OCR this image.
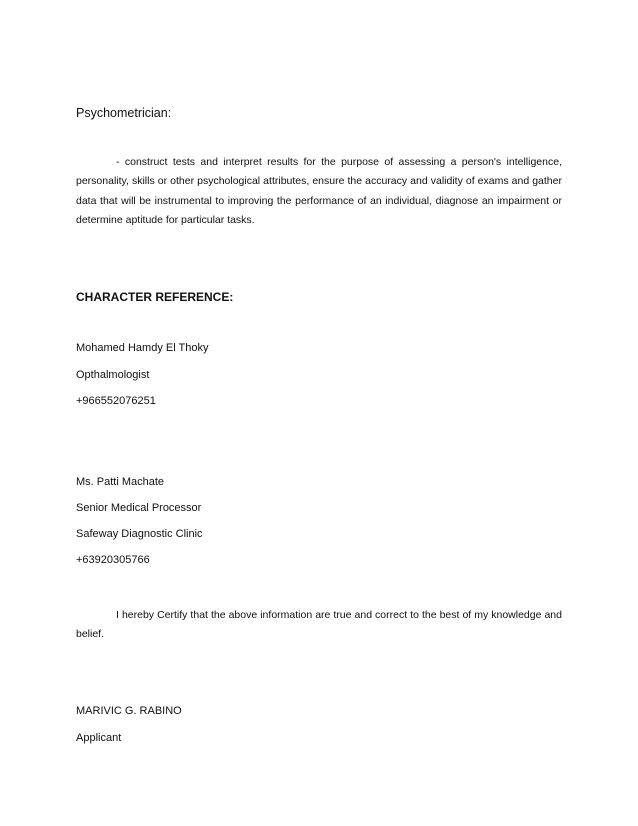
Psychometrician:
- construct tests and interpret results for the purpose of assessing a person's intelligence, personality, skills or other psychological attributes, ensure the accuracy and validity of exams and gather data that will be instrumental to improving the performance of an individual, diagnose an impairment or determine aptitude for particular tasks.
CHARACTER REFERENCE:
Mohamed Hamdy El Thoky
Opthalmologist
+966552076251
Ms. Patti Machate
Senior Medical Processor
Safeway Diagnostic Clinic
+63920305766
I hereby Certify that the above information are true and correct to the best of my knowledge and belief.
MARIVIC G. RABINO
Applicant
